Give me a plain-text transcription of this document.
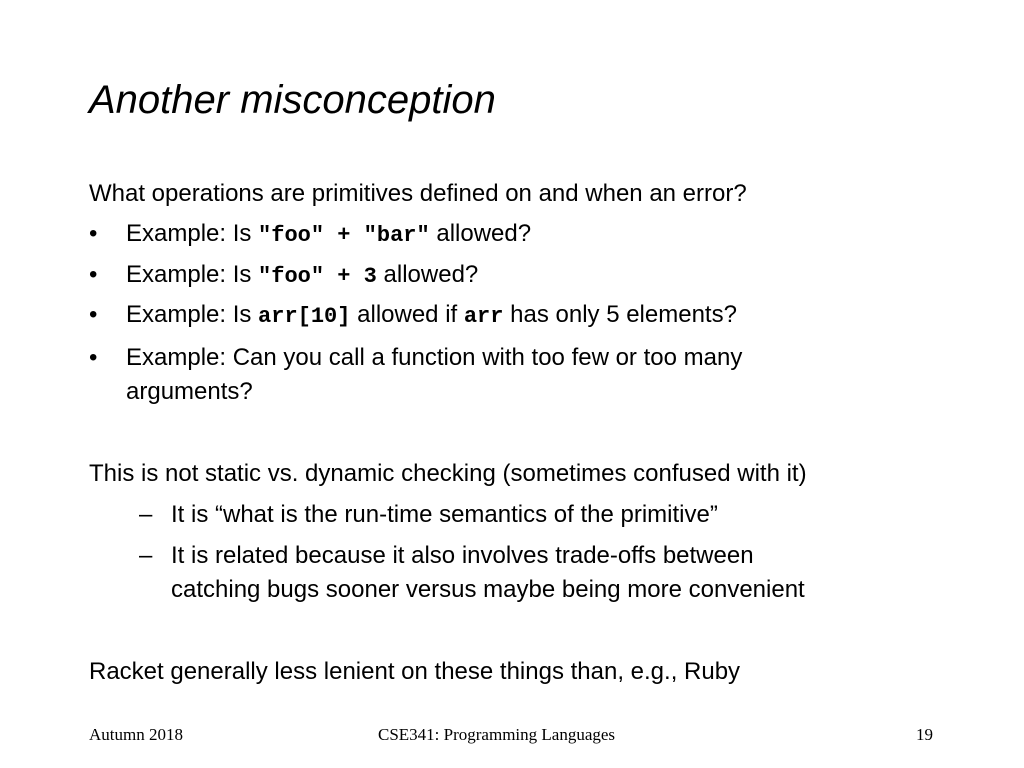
Another misconception

What operations are primitives defined on and when an error?

•	Example: Is "foo" + "bar" allowed?
•	Example: Is "foo" + 3 allowed?
•	Example: Is arr[10] allowed if arr has only 5 elements?
•	Example: Can you call a function with too few or too many
arguments?

This is not static vs. dynamic checking (sometimes confused with it)

– It is “what is the run-time semantics of the primitive”
– It is related because it also involves trade-offs between
catching bugs sooner versus maybe being more convenient

Racket generally less lenient on these things than, e.g., Ruby

Autumn 2018	CSE341: Programming Languages	19
